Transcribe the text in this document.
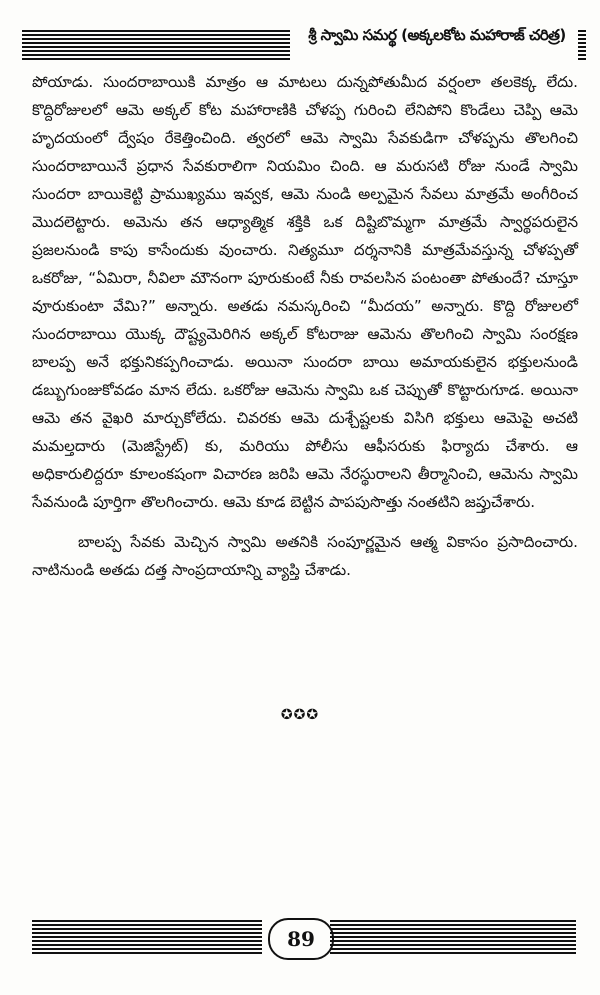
శ్రీ స్వామి సమర్థ (అక్కలకోట మహారాజ్ చరిత్ర)

పోయాడు. సుందరాబాయికి మాత్రం ఆ మాటలు దున్నపోతుమీద వర్షంలా తలకెక్క లేదు. కొద్దిరోజులలో ఆమె అక్కల్ కోట మహారాణికి చోళప్ప గురించి లేనిపోని కొండేలు చెప్పి ఆమె హృదయంలో ద్వేషం రేకెత్తించింది. త్వరలో ఆమె స్వామి సేవకుడిగా చోళప్పను తొలగించి సుందరాబాయినే ప్రధాన సేవకురాలిగా నియమిం చింది. ఆ మరుసటి రోజు నుండే స్వామి సుందరా బాయికెట్టి ప్రాముఖ్యము ఇవ్వక, ఆమె నుండి అల్పమైన సేవలు మాత్రమే అంగీరించ మొదలెట్టారు. అమెను తన ఆధ్యాత్మిక శక్తికి ఒక దిష్టిబొమ్మగా మాత్రమే స్వార్థపరులైన ప్రజలనుండి కాపు కాసేందుకు వుంచారు. నిత్యమూ దర్శనానికి మాత్రమేవస్తున్న చోళప్పతో ఒకరోజు, “ఏమిరా, నీవిలా మౌనంగా పూరుకుంటే నీకు రావలసిన పంటంతా పోతుందే? చూస్తూ వూరుకుంటా వేమి?” అన్నారు. అతడు నమస్కరించి “మీదయ” అన్నారు. కొద్ది రోజులలో సుందరాబాయి యొక్క దౌష్ట్యమెరిగిన అక్కల్ కోటరాజు ఆమెను తొలగించి స్వామి సంరక్షణ బాలప్ప అనే భక్తునికప్పగించాడు. అయినా సుందరా బాయి అమాయకులైన భక్తులనుండి డబ్బుగుంజుకోవడం మాన లేదు. ఒకరోజు ఆమెను స్వామి ఒక చెప్పుతో కొట్టారుగూడ. అయినా ఆమె తన వైఖరి మార్చుకోలేదు. చివరకు ఆమె దుశ్చేష్టలకు విసిగి భక్తులు ఆమెపై అచటి మమల్తదారు (మెజిస్ట్రేట్) కు, మరియు పోలీసు ఆఫీసరుకు ఫిర్యాదు చేశారు. ఆ అధికారులిద్దరూ కూలంకషంగా విచారణ జరిపి ఆమె నేరస్థురాలని తీర్మానించి, ఆమెను స్వామి సేవనుండి పూర్తిగా తొలగించారు. ఆమె కూడ బెట్టిన పాపపుసొత్తు నంతటిని జప్తుచేశారు.

బాలప్ప సేవకు మెచ్చిన స్వామి అతనికి సంపూర్ణమైన ఆత్మ వికాసం ప్రసాదించారు. నాటినుండి అతడు దత్త సాంప్రదాయాన్ని వ్యాప్తి చేశాడు.

✪✪✪
89
